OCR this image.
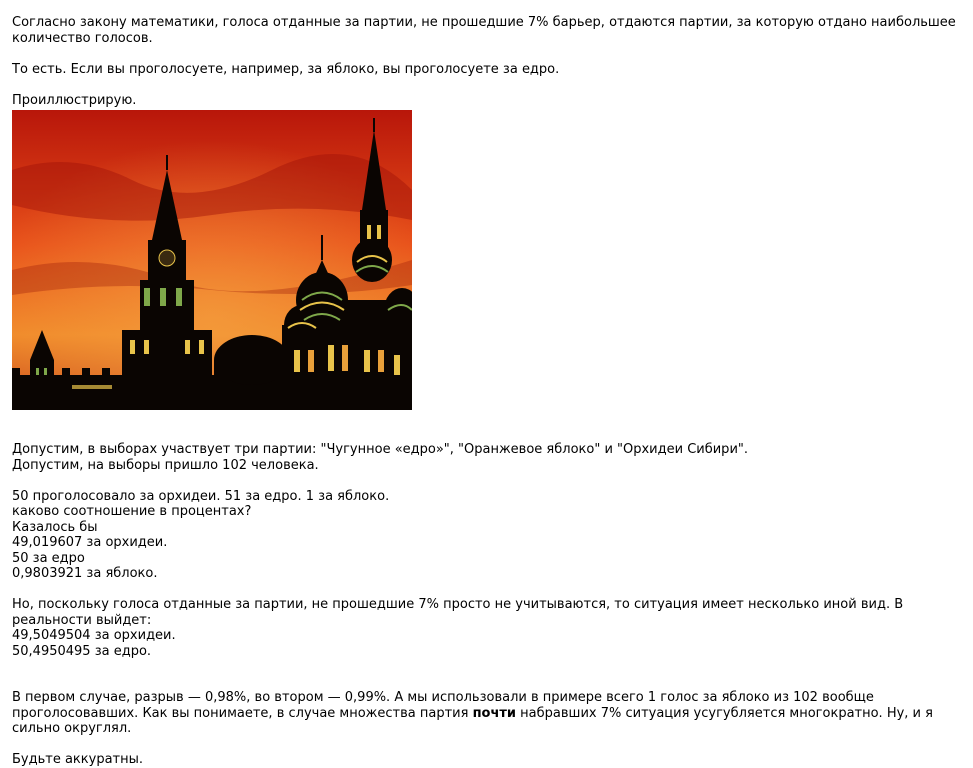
Согласно закону математики, голоса отданные за партии, не прошедшие 7% барьер, отдаются партии, за которую отдано наибольшее количество голосов.

То есть. Если вы проголосуете, например, за яблоко, вы проголосуете за едро.

Проиллюстрирую.

Допустим, в выборах участвует три партии: "Чугунное «едро»", "Оранжевое яблоко" и "Орхидеи Сибири".

Допустим, на выборы пришло 102 человека.

50 проголосовало за орхидеи. 51 за едро. 1 за яблоко.

каково соотношение в процентах?

Казалось бы

49,019607 за орхидеи.

50 за едро

0,9803921 за яблоко.

Но, поскольку голоса отданные за партии, не прошедшие 7% просто не учитываются, то ситуация имеет несколько иной вид. В реальности выйдет:

49,5049504 за орхидеи.

50,4950495 за едро.

В первом случае, разрыв — 0,98%, во втором — 0,99%. А мы использовали в примере всего 1 голос за яблоко из 102 вообще проголосовавших. Как вы понимаете, в случае множества партия почти набравших 7% ситуация усугубляется многократно. Ну, и я сильно округлял.

Будьте аккуратны.
